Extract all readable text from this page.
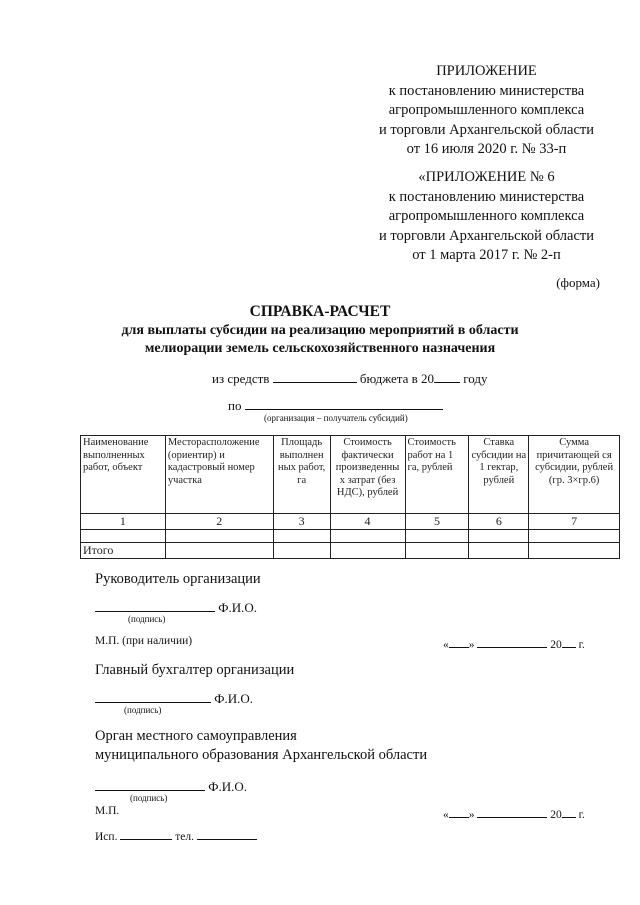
ПРИЛОЖЕНИЕ
к постановлению министерства
агропромышленного комплекса
и торговли Архангельской области
от 16 июля 2020 г. № 33-п
«ПРИЛОЖЕНИЕ № 6
к постановлению министерства
агропромышленного комплекса
и торговли Архангельской области
от 1 марта 2017 г. № 2-п
(форма)
СПРАВКА-РАСЧЕТ
для выплаты субсидии на реализацию мероприятий в области
мелиорации земель сельскохозяйственного назначения
из средств	бюджета в 20 году
по
(организация – получатель субсидий)
Наименование выполненных работ, объект	Месторасположение (ориентир) и кадастровый номер участка	Площадь выполнен ных работ, га	Стоимость фактически произведенны х затрат (без НДС), рублей	Стоимость работ на 1 га, рублей	Ставка субсидии на 1 гектар, рублей	Сумма причитающей ся субсидии, рублей (гр. 3×гр.6)
1	2	3	4	5	6	7

Итого						
Руководитель организации
Ф.И.О.
(подпись)
М.П. (при наличии)	« »	20 г.
Главный бухгалтер организации
Ф.И.О.
(подпись)
Орган местного самоуправления
муниципального образования Архангельской области
Ф.И.О.
(подпись)
М.П.	« »	20 г.
Исп.	тел.
